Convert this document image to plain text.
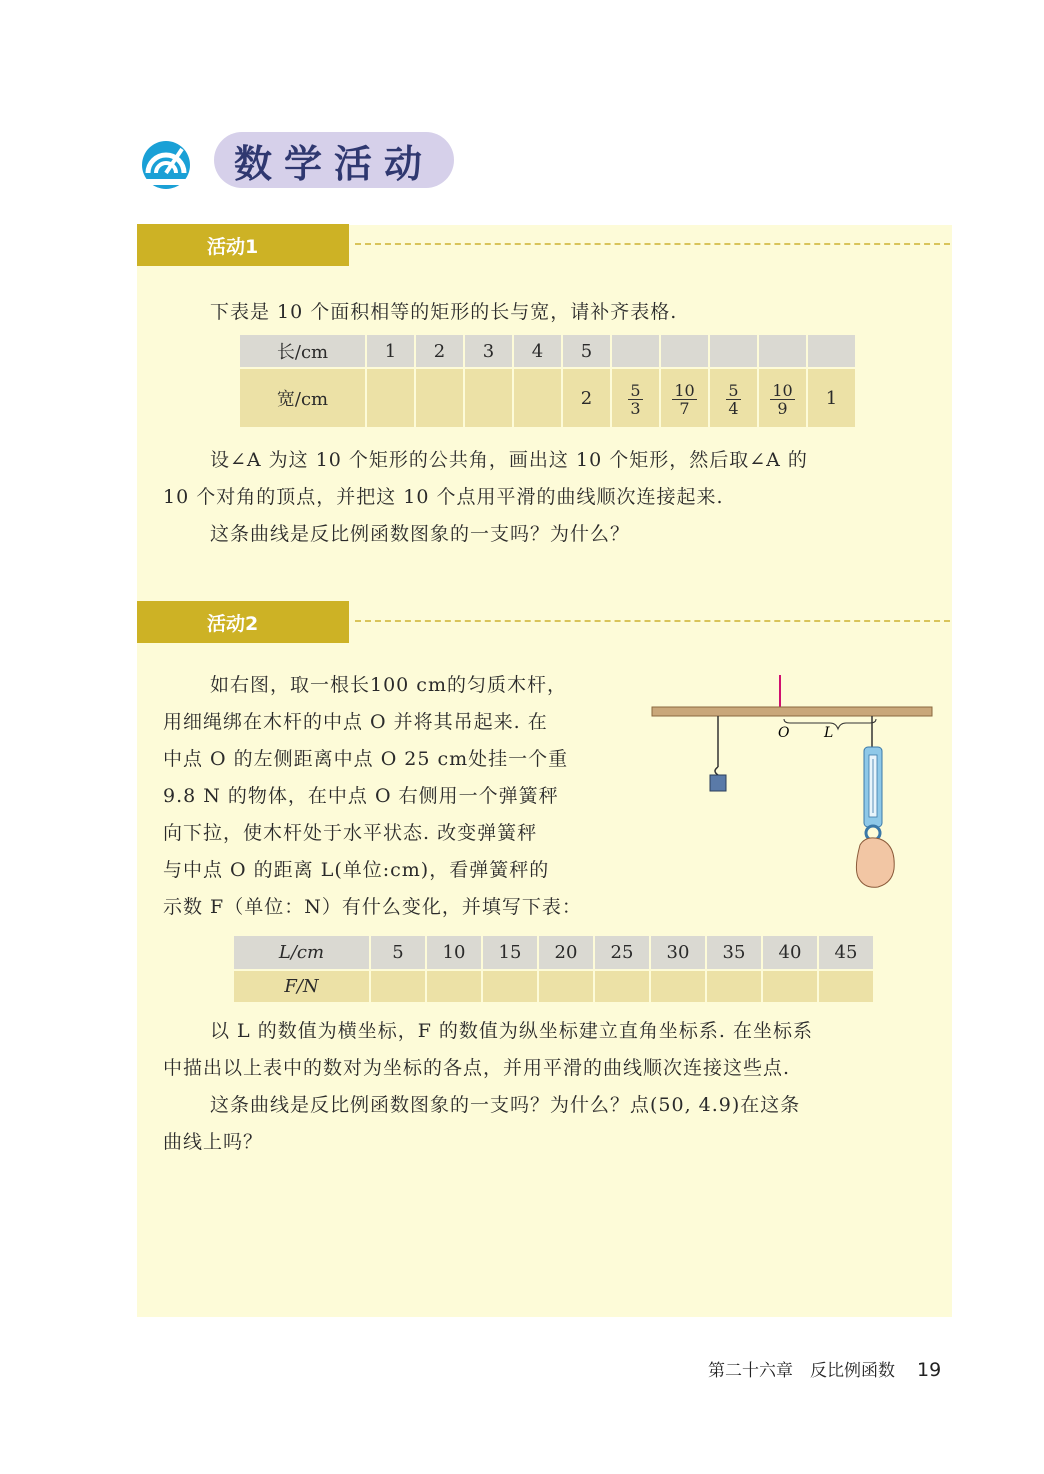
数学活动
活动1

下表是 10 个面积相等的矩形的长与宽，请补齐表格.

长/cm	1	2	3	4	5					
宽/cm					2	$\frac{5}{3}$	$\frac{10}{7}$	$\frac{5}{4}$	$\frac{10}{9}$	1

设∠A 为这 10 个矩形的公共角，画出这 10 个矩形，然后取∠A 的

10 个对角的顶点，并把这 10 个点用平滑的曲线顺次连接起来.

这条曲线是反比例函数图象的一支吗？为什么？

活动2

如右图，取一根长100 cm的匀质木杆，

用细绳绑在木杆的中点 O 并将其吊起来. 在

中点 O 的左侧距离中点 O 25 cm处挂一个重

9.8 N 的物体，在中点 O 右侧用一个弹簧秤

向下拉，使木杆处于水平状态. 改变弹簧秤

与中点 O 的距离 L(单位:cm)，看弹簧秤的

示数 F（单位：N）有什么变化，并填写下表：

O L
L/cm	5	10	15	20	25	30	35	40	45
F/N									

以 L 的数值为横坐标，F 的数值为纵坐标建立直角坐标系. 在坐标系

中描出以上表中的数对为坐标的各点，并用平滑的曲线顺次连接这些点.

这条曲线是反比例函数图象的一支吗？为什么？点(50, 4.9)在这条

曲线上吗？

第二十六章　反比例函数 19
